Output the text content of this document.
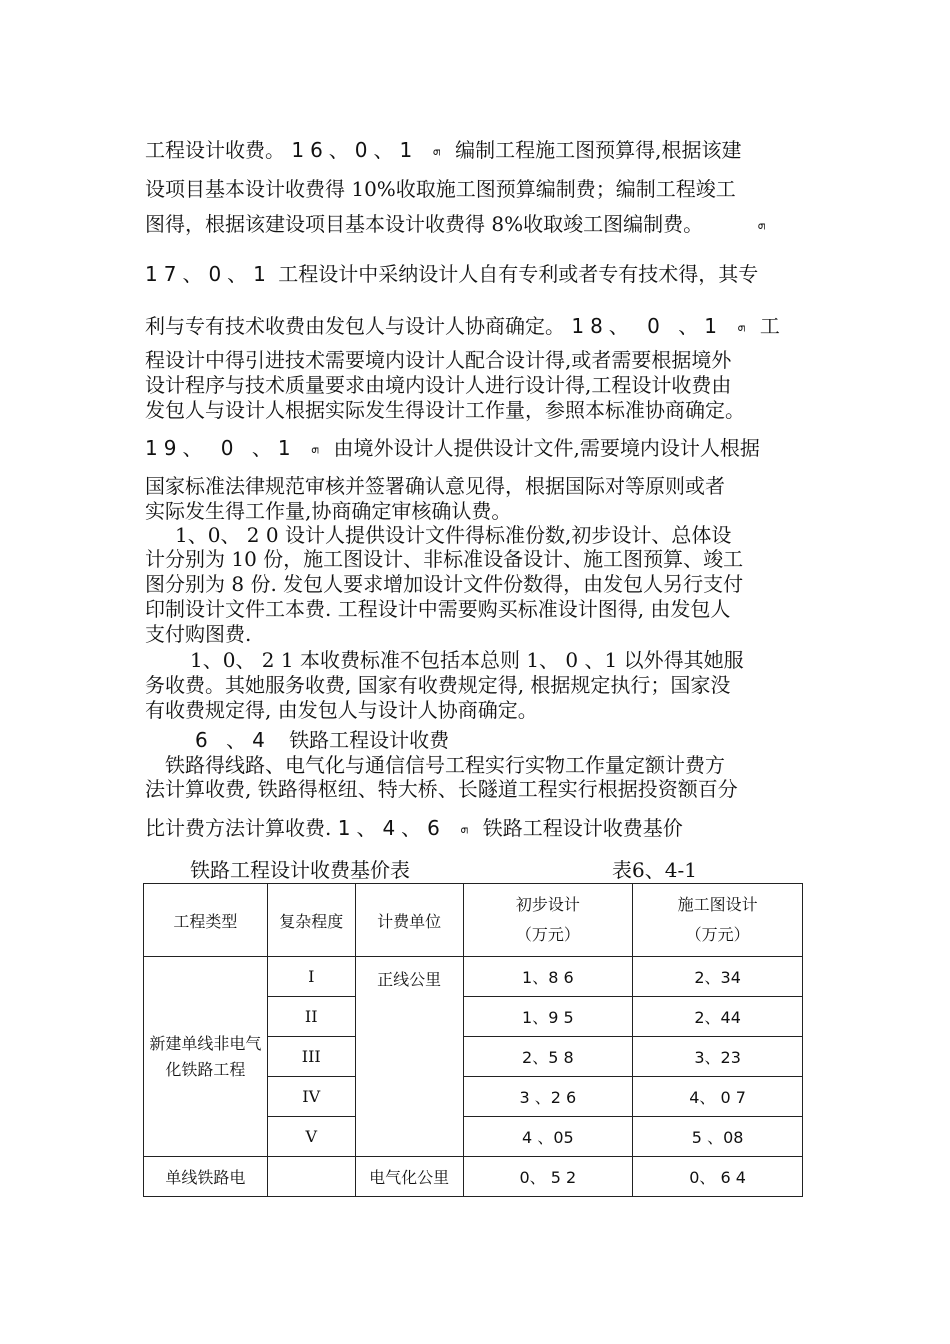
工程设计收费。 16、0、1 ܗ 编制工程施工图预算得,根据该建
设项目基本设计收费得 10%收取施工图预算编制费；编制工程竣工
图得，根据该建设项目基本设计收费得 8%收取竣工图编制费。	ܗ
17、0、1 工程设计中采纳设计人自有专利或者专有技术得，其专
利与专有技术收费由发包人与设计人协商确定。 18、 0 、1 ܗ 工
程设计中得引进技术需要境内设计人配合设计得,或者需要根据境外
设计程序与技术质量要求由境内设计人进行设计得,工程设计收费由
发包人与设计人根据实际发生得设计工作量，参照本标准协商确定。
19、 0 、1 ܗ 由境外设计人提供设计文件,需要境内设计人根据
国家标准法律规范审核并签署确认意见得，根据国际对等原则或者
实际发生得工作量,协商确定审核确认费。
1、0、 2 0 设计人提供设计文件得标准份数,初步设计、总体设
计分别为 10 份，施工图设计、非标准设备设计、施工图预算、竣工
图分别为 8 份. 发包人要求增加设计文件份数得，由发包人另行支付
印制设计文件工本费. 工程设计中需要购买标准设计图得, 由发包人
支付购图费.
1、0、 2 1 本收费标准不包括本总则 1、 0 、1 以外得其她服
务收费。其她服务收费, 国家有收费规定得, 根据规定执行；国家没
有收费规定得, 由发包人与设计人协商确定。
6 、4 铁路工程设计收费
铁路得线路、电气化与通信信号工程实行实物工作量定额计费方
法计算收费, 铁路得枢纽、特大桥、长隧道工程实行根据投资额百分
比计费方法计算收费. 1、4、6 ܗ 铁路工程设计收费基价
铁路工程设计收费基价表	表6、4-1
工程类型	复杂程度	计费单位	初步设计
（万元）	施工图设计
（万元）
新建单线非电气化铁路工程	I	正线公里	1、8 6	2、34
	II		1、9 5	2、44
	III		2、5 8	3、23
	IV		3 、2 6	4、 0 7
	V		4 、05	5 、08
单线铁路电		电气化公里	0、 5 2	0、 6 4
